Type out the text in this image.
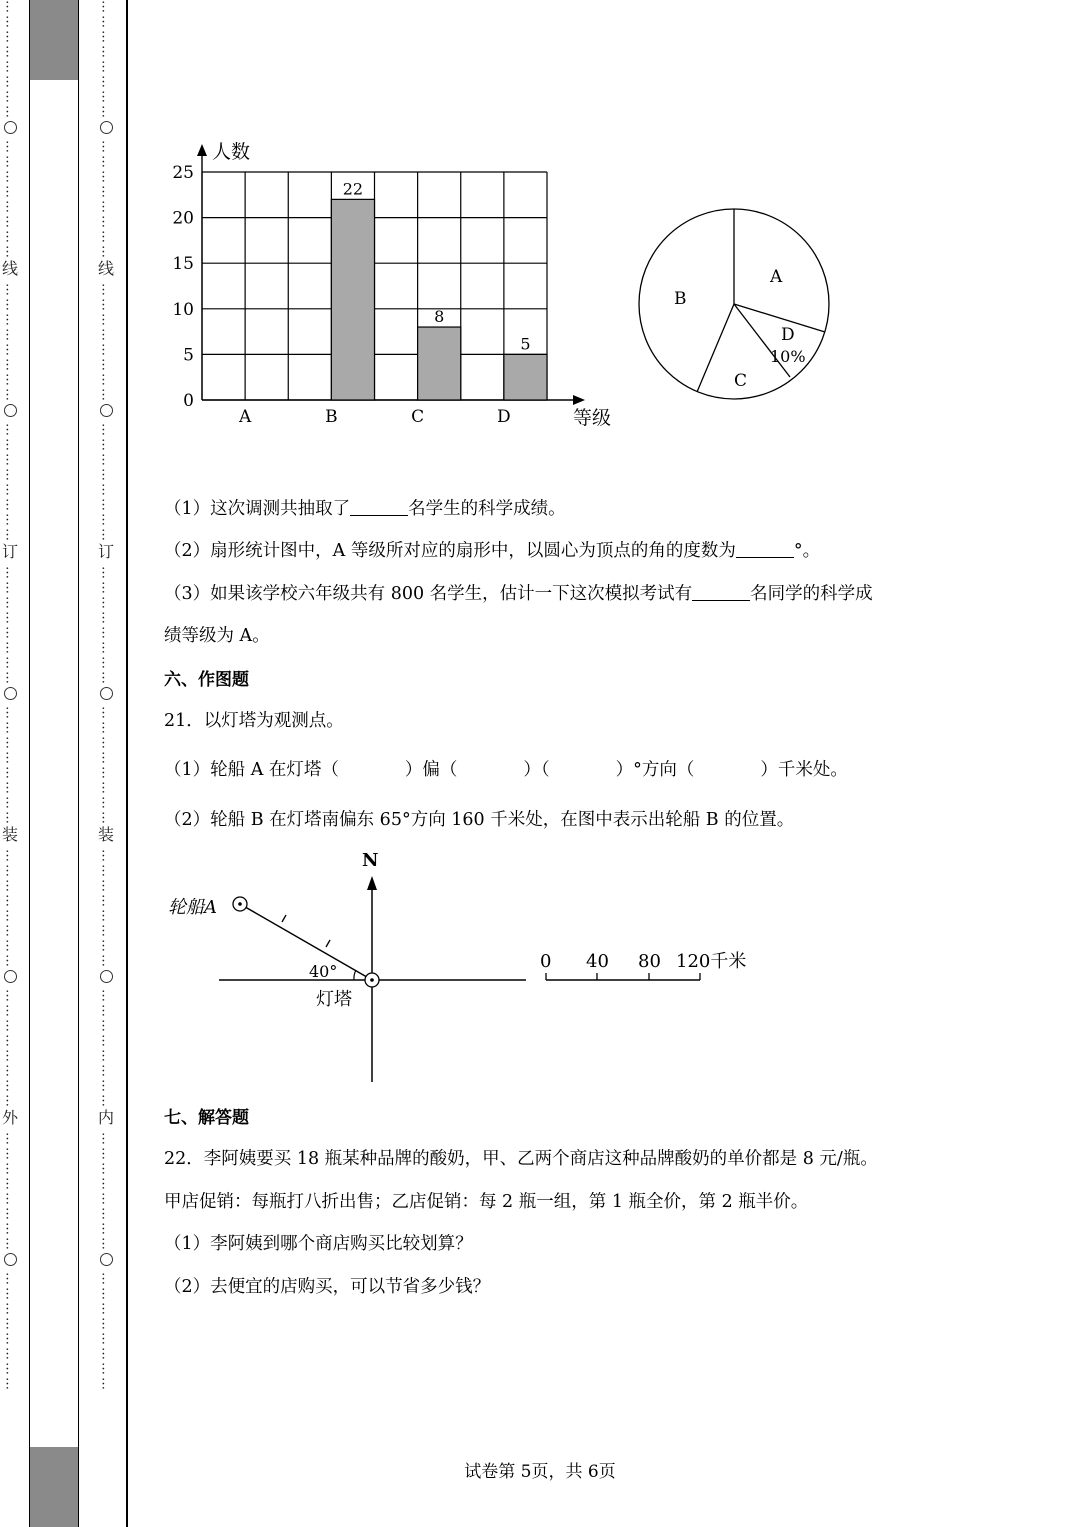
……………………
……………………
线
……………………
……………………
订
……………………
……………………
装
……………………
……………………
外
……………………
……………………
……………………
……………………
线
……………………
……………………
订
……………………
……………………
装
……………………
……………………
内
……………………
……………………
0
5
10
15
20
25
人数
等级
A	B
22
C
8
D
5
A
B
C
D
10%
（1）这次调测共抽取了	名学生的科学成绩。
（2）扇形统计图中，A 等级所对应的扇形中，以圆心为顶点的角的度数为	°。
（3）如果该学校六年级共有 800 名学生，估计一下这次模拟考试有	名同学的科学成
绩等级为 A。
六、作图题
21．以灯塔为观测点。
（1）轮船 A 在灯塔（	）偏（	）（	）°方向（	）千米处。
（2）轮船 B 在灯塔南偏东 65°方向 160 千米处，在图中表示出轮船 B 的位置。
N
轮船A
40°
灯塔
0 40 80 120千米
七、解答题
22．李阿姨要买 18 瓶某种品牌的酸奶，甲、乙两个商店这种品牌酸奶的单价都是 8 元/瓶。
甲店促销：每瓶打八折出售；乙店促销：每 2 瓶一组，第 1 瓶全价，第 2 瓶半价。
（1）李阿姨到哪个商店购买比较划算？
（2）去便宜的店购买，可以节省多少钱？
试卷第 5页，共 6页
